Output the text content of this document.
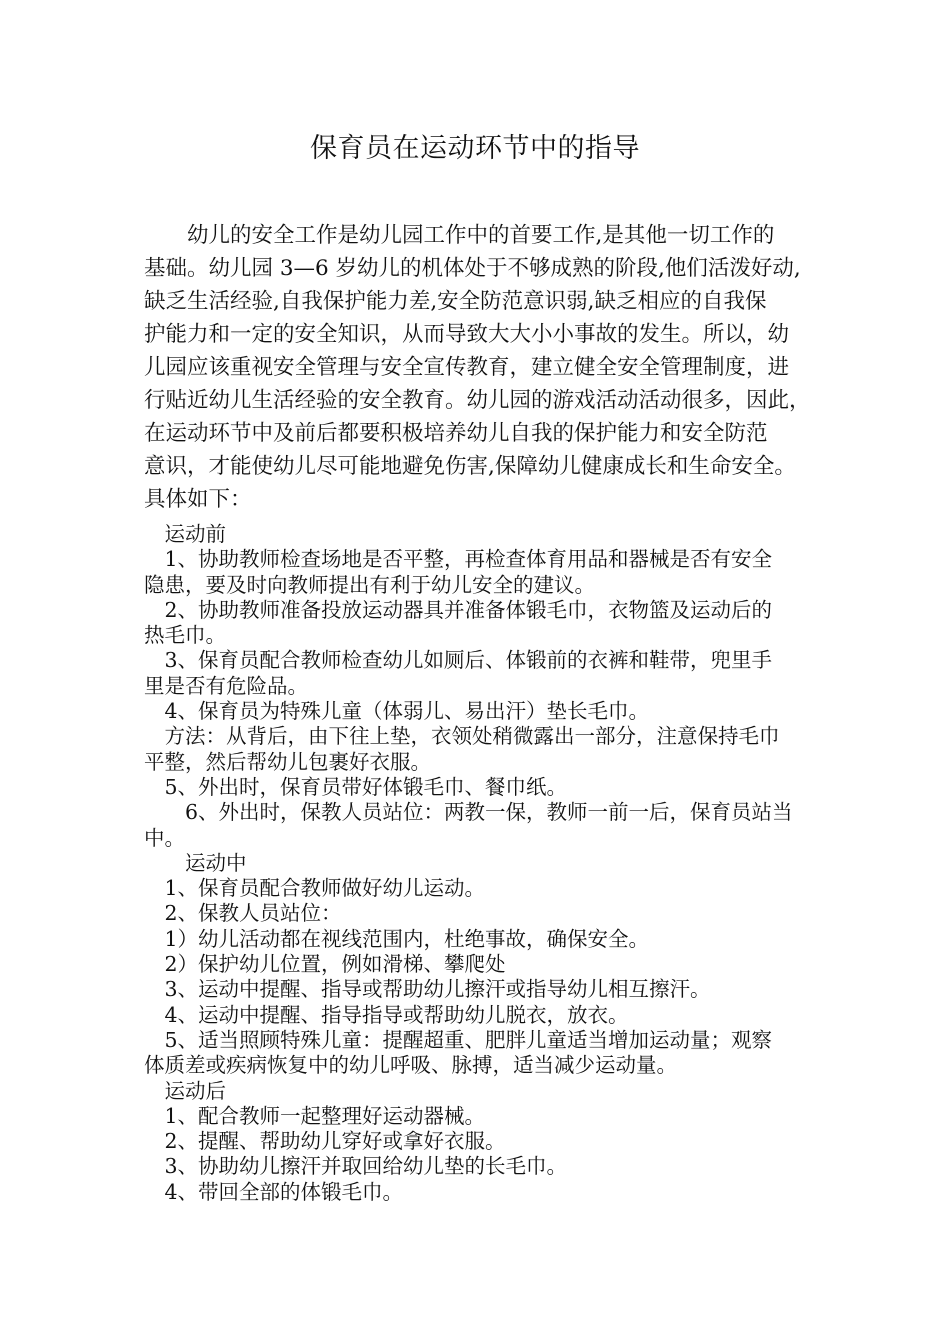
保育员在运动环节中的指导

　　幼儿的安全工作是幼儿园工作中的首要工作,是其他一切工作的

基础。幼儿园 3—6 岁幼儿的机体处于不够成熟的阶段,他们活泼好动,

缺乏生活经验,自我保护能力差,安全防范意识弱,缺乏相应的自我保

护能力和一定的安全知识，从而导致大大小小事故的发生。所以，幼

儿园应该重视安全管理与安全宣传教育，建立健全安全管理制度，进

行贴近幼儿生活经验的安全教育。幼儿园的游戏活动活动很多，因此，

在运动环节中及前后都要积极培养幼儿自我的保护能力和安全防范

意识，才能使幼儿尽可能地避免伤害,保障幼儿健康成长和生命安全。

具体如下：

　运动前
　1、协助教师检查场地是否平整，再检查体育用品和器械是否有安全
隐患，要及时向教师提出有利于幼儿安全的建议。
　2、协助教师准备投放运动器具并准备体锻毛巾，衣物篮及运动后的
热毛巾。
　3、保育员配合教师检查幼儿如厕后、体锻前的衣裤和鞋带，兜里手
里是否有危险品。
　4、保育员为特殊儿童（体弱儿、易出汗）垫长毛巾。
　方法：从背后，由下往上垫，衣领处稍微露出一部分，注意保持毛巾
平整，然后帮幼儿包裹好衣服。
　5、外出时，保育员带好体锻毛巾、餐巾纸。
　　6、外出时，保教人员站位：两教一保，教师一前一后，保育员站当
中。
　　运动中
　1、保育员配合教师做好幼儿运动。
　2、保教人员站位：
　1）幼儿活动都在视线范围内，杜绝事故，确保安全。
　2）保护幼儿位置，例如滑梯、攀爬处
　3、运动中提醒、指导或帮助幼儿擦汗或指导幼儿相互擦汗。
　4、运动中提醒、指导指导或帮助幼儿脱衣，放衣。
　5、适当照顾特殊儿童：提醒超重、肥胖儿童适当增加运动量；观察
体质差或疾病恢复中的幼儿呼吸、脉搏，适当减少运动量。
　运动后
　1、配合教师一起整理好运动器械。
　2、提醒、帮助幼儿穿好或拿好衣服。
　3、协助幼儿擦汗并取回给幼儿垫的长毛巾。
　4、带回全部的体锻毛巾。
